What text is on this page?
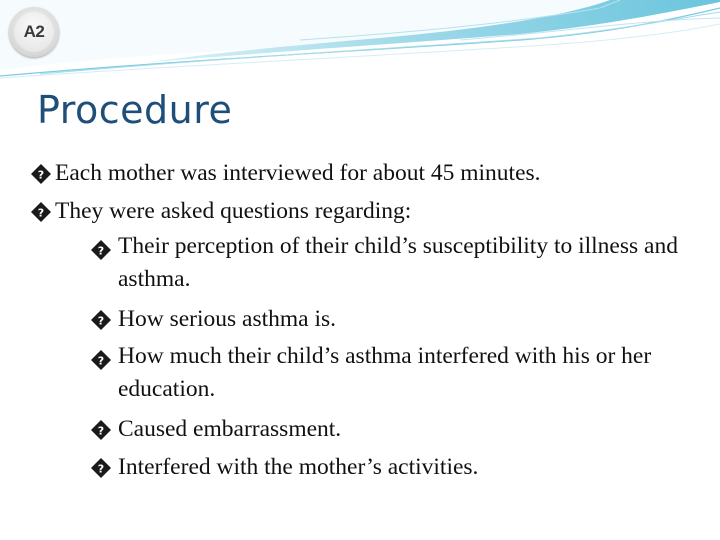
A2
Procedure
? Each mother was interviewed for about 45 minutes.
? They were asked questions regarding:
? Their perception of their child’s susceptibility to illness and asthma.
? How serious asthma is.
? How much their child’s asthma interfered with his or her education.
? Caused embarrassment.
? Interfered with the mother’s activities.
